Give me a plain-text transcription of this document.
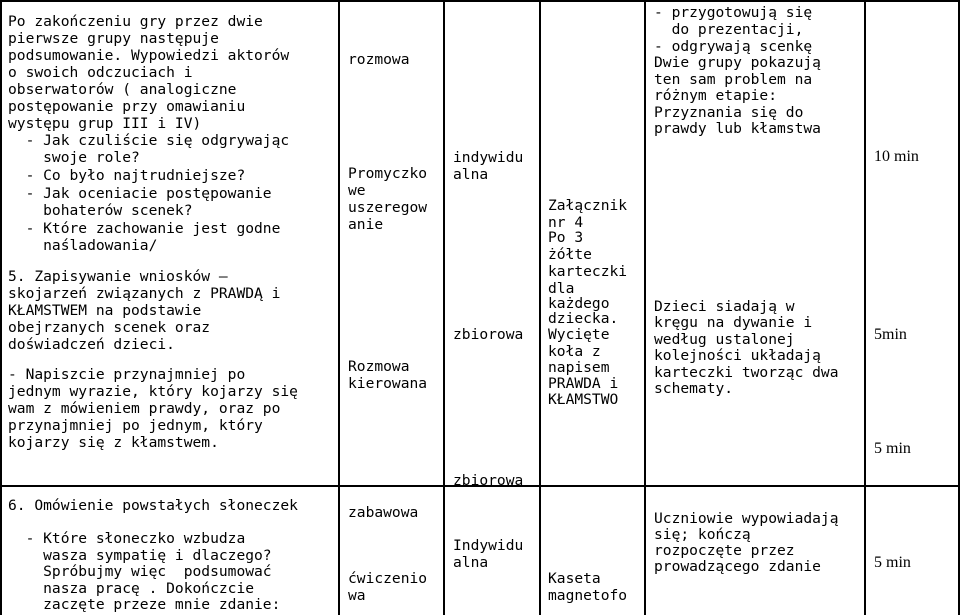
Po zakończeniu gry przez dwie
pierwsze grupy następuje
podsumowanie. Wypowiedzi aktorów
o swoich odczuciach i
obserwatorów ( analogiczne
postępowanie przy omawianiu
występu grup III i IV)
- Jak czuliście się odgrywając
swoje role?
- Co było najtrudniejsze?
- Jak oceniacie postępowanie
bohaterów scenek?
- Które zachowanie jest godne
naśladowania/
5. Zapisywanie wniosków –
skojarzeń związanych z PRAWDĄ i
KŁAMSTWEM na podstawie
obejrzanych scenek oraz
doświadczeń dzieci.
- Napiszcie przynajmniej po
jednym wyrazie, który kojarzy się
wam z mówieniem prawdy, oraz po
przynajmniej po jednym, który
kojarzy się z kłamstwem.
rozmowa
Promyczko
we
uszeregow
anie
Rozmowa
kierowana
indywidu
alna
zbiorowa
zbiorowa
Załącznik
nr 4
Po 3
żółte
karteczki
dla
każdego
dziecka.
Wycięte
koła z
napisem
PRAWDA i
KŁAMSTWO
- przygotowują się
do prezentacji,
- odgrywają scenkę
Dwie grupy pokazują
ten sam problem na
różnym etapie:
Przyznania się do
prawdy lub kłamstwa
Dzieci siadają w
kręgu na dywanie i
według ustalonej
kolejności układają
karteczki tworząc dwa
schematy.
10 min
5min
5 min
6. Omówienie powstałych słoneczek
- Które słoneczko wzbudza
wasza sympatię i dlaczego?
Spróbujmy więc  podsumować
nasza pracę . Dokończcie
zaczęte przeze mnie zdanie:
zabawowa
ćwiczenio
wa
Indywidu
alna
Kaseta
magnetofo
Uczniowie wypowiadają
się; kończą
rozpoczęte przez
prowadzącego zdanie	5 min
